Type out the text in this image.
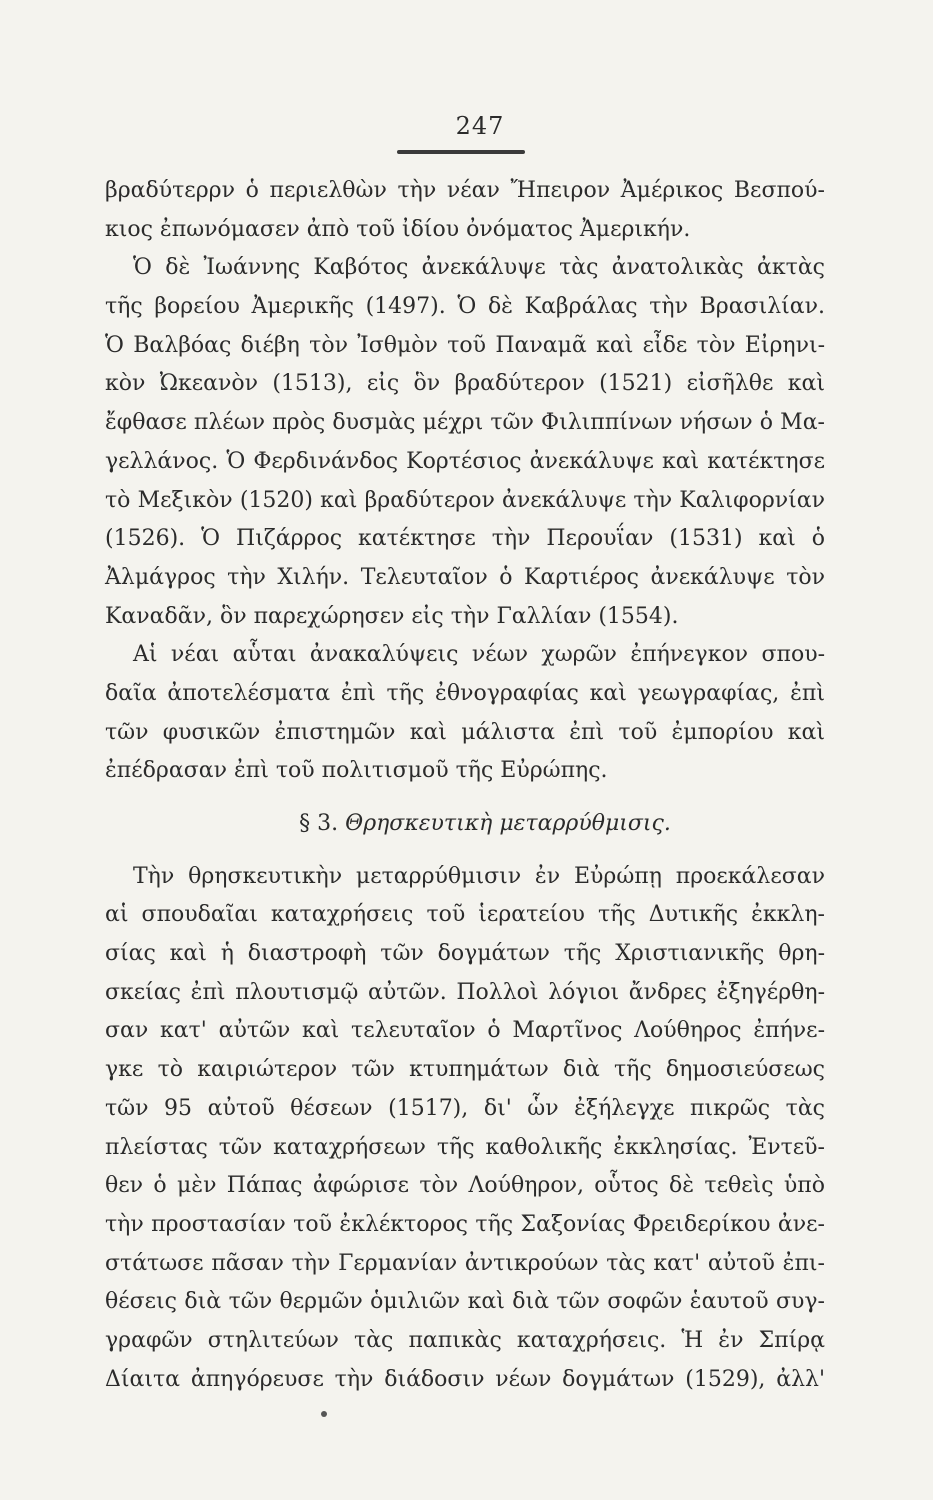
247
βραδύτερρν ὁ περιελθὼν τὴν νέαν Ἤπειρον Ἀμέρικος Βεσπού-
κιος ἐπωνόμασεν ἀπὸ τοῦ ἰδίου ὀνόματος Ἀμερικήν.
Ὁ δὲ Ἰωάννης Καβότος ἀνεκάλυψε τὰς ἀνατολικὰς ἀκτὰς
τῆς βορείου Ἀμερικῆς (1497). Ὁ δὲ Καβράλας τὴν Βρασιλίαν.
Ὁ Βαλβόας διέβη τὸν Ἰσθμὸν τοῦ Παναμᾶ καὶ εἶδε τὸν Εἰρηνι-
κὸν Ὠκεανὸν (1513), εἰς ὃν βραδύτερον (1521) εἰσῆλθε καὶ
ἔφθασε πλέων πρὸς δυσμὰς μέχρι τῶν Φιλιππίνων νήσων ὁ Μα-
γελλάνος. Ὁ Φερδινάνδος Κορτέσιος ἀνεκάλυψε καὶ κατέκτησε
τὸ Μεξικὸν (1520) καὶ βραδύτερον ἀνεκάλυψε τὴν Καλιφορνίαν
(1526). Ὁ Πιζάρρος κατέκτησε τὴν Περουΐαν (1531) καὶ ὁ
Ἀλμάγρος τὴν Χιλήν. Τελευταῖον ὁ Καρτιέρος ἀνεκάλυψε τὸν
Καναδᾶν, ὃν παρεχώρησεν εἰς τὴν Γαλλίαν (1554).
Αἱ νέαι αὗται ἀνακαλύψεις νέων χωρῶν ἐπήνεγκον σπου-
δαῖα ἀποτελέσματα ἐπὶ τῆς ἐθνογραφίας καὶ γεωγραφίας, ἐπὶ
τῶν φυσικῶν ἐπιστημῶν καὶ μάλιστα ἐπὶ τοῦ ἐμπορίου καὶ
ἐπέδρασαν ἐπὶ τοῦ πολιτισμοῦ τῆς Εὐρώπης.
§ 3. Θρησκευτικὴ μεταρρύθμισις.
Τὴν θρησκευτικὴν μεταρρύθμισιν ἐν Εὐρώπῃ προεκάλεσαν
αἱ σπουδαῖαι καταχρήσεις τοῦ ἱερατείου τῆς Δυτικῆς ἐκκλη-
σίας καὶ ἡ διαστροφὴ τῶν δογμάτων τῆς Χριστιανικῆς θρη-
σκείας ἐπὶ πλουτισμῷ αὐτῶν. Πολλοὶ λόγιοι ἄνδρες ἐξηγέρθη-
σαν κατ' αὐτῶν καὶ τελευταῖον ὁ Μαρτῖνος Λούθηρος ἐπήνε-
γκε τὸ καιριώτερον τῶν κτυπημάτων διὰ τῆς δημοσιεύσεως
τῶν 95 αὐτοῦ θέσεων (1517), δι' ὧν ἐξήλεγχε πικρῶς τὰς
πλείστας τῶν καταχρήσεων τῆς καθολικῆς ἐκκλησίας. Ἐντεῦ-
θεν ὁ μὲν Πάπας ἀφώρισε τὸν Λούθηρον, οὗτος δὲ τεθεὶς ὑπὸ
τὴν προστασίαν τοῦ ἐκλέκτορος τῆς Σαξονίας Φρειδερίκου ἀνε-
στάτωσε πᾶσαν τὴν Γερμανίαν ἀντικρούων τὰς κατ' αὐτοῦ ἐπι-
θέσεις διὰ τῶν θερμῶν ὁμιλιῶν καὶ διὰ τῶν σοφῶν ἑαυτοῦ συγ-
γραφῶν στηλιτεύων τὰς παπικὰς καταχρήσεις. Ἡ ἐν Σπίρᾳ
Δίαιτα ἀπηγόρευσε τὴν διάδοσιν νέων δογμάτων (1529), ἀλλ'
